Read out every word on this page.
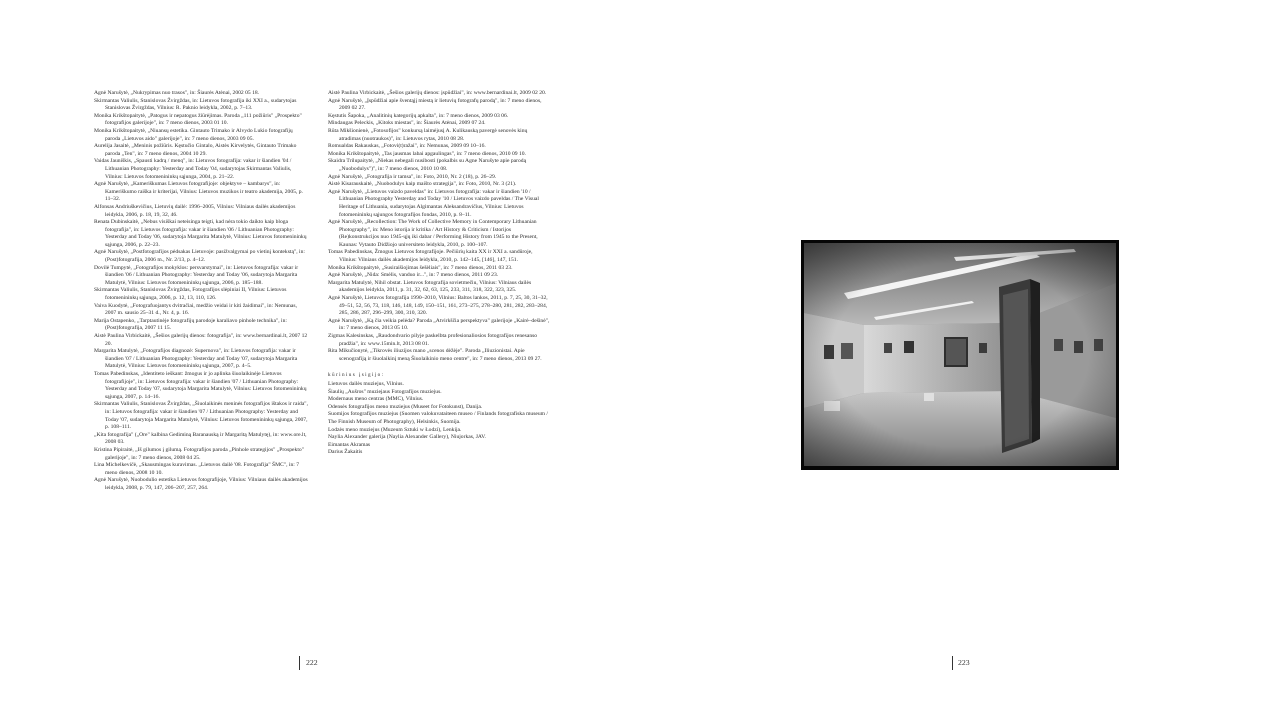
Agnė Narušytė, „Nukrypimas nuo trasos", in: Šiaurės Atėnai, 2002 05 18.

Skirmantas Valiulis, Stanislovas Žvirgždas, in: Lietuvos fotografija iki XXI a., sudarytojas Stanislovas Žvirgždas, Vilnius: R. Paknio leidykla, 2002, p. 7–13.

Monika Krikštopaitytė, „Patogus ir nepatogus žiūrėjimas. Paroda „111 požiūris" „Prospekto" fotografijos galerijoje", in: 7 meno dienos, 2003 01 10.

Monika Krikštopaitytė, „Niuansų estetika. Gintauto Trimako ir Alvydo Lukio fotografijų paroda „Lietuvos aido" galerijoje", in: 7 meno dienos, 2003 09 05.

Aurelija Jasaitė, „Meninis požiūris. Kęstučio Gintalo, Aistės Kirvelytės, Gintauto Trimako paroda „Ten", in: 7 meno dienos, 2004 10 29.

Vaidas Jauniškis, „Spausti kadrą / menq", in: Lietuvos fotografija: vakar ir šiandien '04 / Lithuanian Photography: Yesterday and Today '04, sudarytojas Skirmantas Valiulis, Vilnius: Lietuvos fotomenininkų sąjunga, 2004, p. 21–22.

Agnė Narušytė, „Kameriškumas Lietuvos fotografijoje: objektyve – kambarys", in: Kameriškumo raiška ir kriterijai, Vilnius: Lietuvos muzikos ir teatro akademija, 2005, p. 11–32.

Alfonsas Andriuškevičius, Lietuvių dailė: 1996–2005, Vilnius: Vilniaus dailės akademijos leidykla, 2006, p. 18, 19, 32, 46.

Renata Dubinskaitė, „Nebus visiškai neteisinga teigti, kad nėra tokio daikto kaip bloga fotografija", in: Lietuvos fotografija: vakar ir šiandien '06 / Lithuanian Photography: Yesterday and Today '06, sudarytoja Margarita Matulytė, Vilnius: Lietuvos fotomenininkų sąjunga, 2006, p. 22–23.

Agnė Narušytė, „Postfotografijos pėdsakas Lietuvoje: pasižvalgymai po vietinį kontekstą", in: (Post)fotografija, 2006 m., Nr. 2/13, p. 4–12.

Dovilė Tumpytė, „Fotografijos mokyklos: persvarstymai", in: Lietuvos fotografija: vakar ir šiandien '06 / Lithuanian Photography: Yesterday and Today '06, sudarytoja Margarita Matulytė, Vilnius: Lietuvos fotomenininkų sąjunga, 2006, p. 185–188.

Skirmantas Valiulis, Stanislovas Žvirgždas, Fotografijos slėpiniai II, Vilnius: Lietuvos fotomenininkų sąjunga, 2006, p. 12, 13, 110, 126.

Vaiva Kuodytė, „Fotografuojantys dvitračiai, medžio veidai ir kiti žaidimai", in: Nemunas, 2007 m. sausio 25–31 d., Nr. 4, p. 16.

Marija Ostapenko, „Tarptautinėje fotografijų parodoje karaliavo pinhole technika", in: (Post)fotografija, 2007 11 15.

Aistė Paulina Virbickaitė, „Šešios galerijų dienos: fotografija", in: www.bernardinai.lt, 2007 12 20.

Margarita Matulytė, „Fotografijos diagnozė: Supernova", in: Lietuvos fotografija: vakar ir šiandien '07 / Lithuanian Photography: Yesterday and Today '07, sudarytoja Margarita Matulytė, Vilnius: Lietuvos fotomenininkų sąjunga, 2007, p. 4–5.

Tomas Pabedinskas, „Identiteto ieškant: žmogus ir jo aplinka šiuolaikinėje Lietuvos fotografijoje", in: Lietuvos fotografija: vakar ir šiandien '07 / Lithuanian Photography: Yesterday and Today '07, sudarytoja Margarita Matulytė, Vilnius: Lietuvos fotomenininkų sąjunga, 2007, p. 14–16.

Skirmantas Valiulis, Stanislovas Žvirgždas, „Šiuolaikinės meninės fotografijos ištakos ir raida", in: Lietuvos fotografija: vakar ir šiandien '07 / Lithuanian Photography: Yesterday and Today '07, sudarytoja Margarita Matulytė, Vilnius: Lietuvos fotomenininkų sąjunga, 2007, p. 108–111.

„Kita fotografija" („Ore" kalbina Gediminą Baranauską ir Margaritą Matulytę), in: www.ore.lt, 2008 03.

Kristina Pipiraitė, „Iš gilumos į gilumą. Fotografijos paroda „Pinhole strategijos" „Prospekto" galerijoje", in: 7 meno dienos, 2008 04 25.

Lina Michelkevičė, „Skausmingas kuravimas. „Lietuvos dailė '08. Fotografija" ŠMC", in: 7 meno dienos, 2008 10 10.

Agnė Narušytė, Nuobodulio estetika Lietuvos fotografijoje, Vilnius: Vilniaus dailės akademijos leidykla, 2008, p. 79, 147, 206–207, 257, 264.

Aistė Paulina Virbickaitė, „Šešios galerijų dienos: įspūdžiai", in: www.bernardinai.lt, 2009 02 20.

Agnė Narušytė, „Įspūdžiai apie šventąjį miestą ir lietuvių fotografų parodą", in: 7 meno dienos, 2009 02 27.

Kęstutis Šapoka, „Analitinių kategorijų apkalta", in: 7 meno dienos, 2009 03 06.

Mindaugas Peleckis, „Kitoks miestas", in: Šiaurės Atėnai, 2009 07 24.

Rūta Mikšionienė, „Fotosofijos" konkursą laimėjusį A. Kulikauską pavergė senovės kinų atradimas (nuotraukos)", in: Lietuvos rytas, 2010 08 28.

Romualdas Rakauskas, „Fotovi(t)ražai", in: Nemunas, 2009 09 10–16.

Monika Krikštopaitytė, „Tas jausmas labai apgaulingas", in: 7 meno dienos, 2010 09 10.

Skaidra Trilupaitytė, „Niekas nebegali nusibosti (pokalbis su Agne Narušyte apie parodą „Nuobodulys")", in: 7 meno dienos, 2010 10 08.

Agnė Narušytė, „Fotografija ir tamsa", in: Foto, 2010, Nr. 2 (18), p. 26–29.

Aistė Kisarauskaitė, „Nuobodulys kaip maišto strategija", in: Foto, 2010, Nr. 3 (21).

Agnė Narušytė, „Lietuvos vaizdo paveldas" in: Lietuvos fotografija: vakar ir šiandien '10 / Lithuanian Photography Yesterday and Today '10 / Lietuvos vaizdo paveldas / The Visual Heritage of Lithuania, sudarytojas Algimantas Aleksandravičius, Vilnius: Lietuvos fotomenininkų sąjungos fotografijos fondas, 2010, p. 8–11.

Agnė Narušytė, „Recollection: The Work of Collective Memory in Contemporary Lithuanian Photography", in: Meno istorija ir kritika / Art History & Criticism / Istorijos (Re)konstrukcijos nuo 1945-ųjų iki dabar / Performing History from 1945 to the Present, Kaunas: Vytauto Didžiojo universiteto leidykla, 2010, p. 100–107.

Tomas Pabedinskas, Žmogus Lietuvos fotografijoje. Pečiūrių kaita XX ir XXI a. sandūroje, Vilnius: Vilniaus dailės akademijos leidykla, 2010, p. 142–145, [146], 147, 151.

Monika Krikštopaitytė, „Susiraišiojimas šešėliais", in: 7 meno dienos, 2011 03 23.

Agnė Narušytė, „Nida: Smėlis, vanduo ir...", in: 7 meno dienos, 2011 09 23.

Margarita Matulytė, Nihil obstat. Lietuvos fotografija sovietmečiu, Vilnius: Vilniaus dailės akademijos leidykla, 2011, p. 31, 32, 62, 63, 125, 233, 311, 318, 322, 323, 325.

Agnė Narušytė, Lietuvos fotografija 1990–2010, Vilnius: Baltos lankos, 2011, p. 7, 25, 30, 31–32, 49–51, 52, 56, 73, 118, 146, 148, 149, 150–151, 161, 273–275, 278–280, 281, 282, 283–284, 285, 286, 287, 296–299, 300, 310, 320.

Agnė Narušytė, „Ką čia veikia pelėda? Paroda „Atvirkščia perspektyva" galerijoje „Kairė–dešinė", in: 7 meno dienos, 2013 05 10.

Zigmas Kalesinskas, „Raudondvario pilyje paskelbta profesionaliosios fotografijos renesanso pradžia", in: www.15min.lt, 2013 08 01.

Rita Mikučionytė, „Tikrovės iliuzijos mano „scenos dėžėje". Paroda „Iliuzionistai. Apie scenografiją ir šiuolaikinį meną Šiuolaikinio meno centre", in: 7 meno dienos, 2013 09 27.

kūrinius įsigijo:

Lietuvos dailės muziejus, Vilnius.

Šiaulių „Aušros" muziejaus Fotografijos muziejus.

Modernaus meno centras (MMC), Vilnius.

Odensės fotografijos meno muziejus (Museet for Fotokunst), Danija.

Suomijos fotografijos muziejus (Suomen valokuvataiteen museo / Finlands fotografiska museum / The Finnish Museum of Photography), Helsinkis, Suomija.

Lodzės meno muziejus (Muzeum Sztuki w Łodzi), Lenkija.

Naylia Alexander galerija (Naylia Alexander Gallery), Niujorkas, JAV.

Eimantas Akramas

Darius Žakaitis

222	223
